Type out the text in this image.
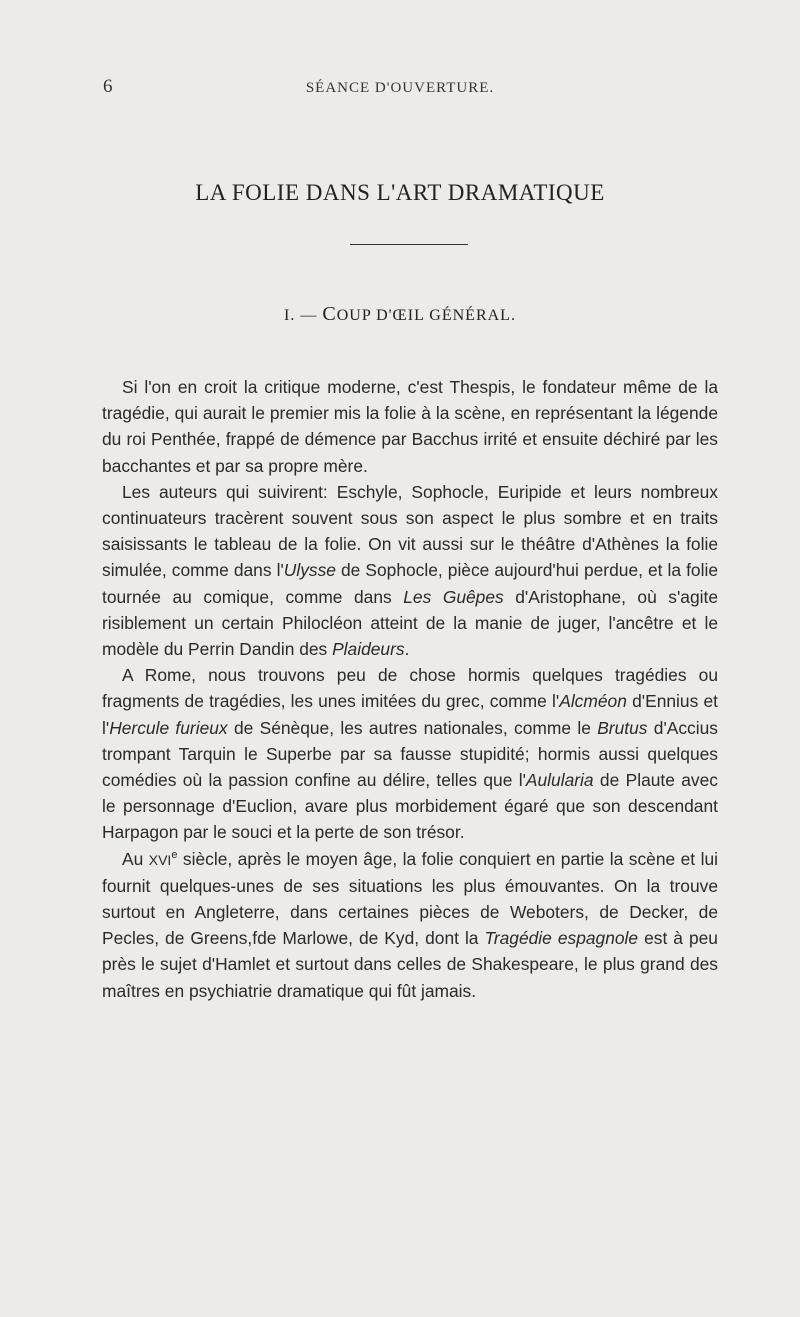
6	SÉANCE D'OUVERTURE.
LA FOLIE DANS L'ART DRAMATIQUE
I. — COUP D'ŒIL GÉNÉRAL.

Si l'on en croit la critique moderne, c'est Thespis, le fondateur même de la tragédie, qui aurait le premier mis la folie à la scène, en représentant la légende du roi Penthée, frappé de démence par Bacchus irrité et ensuite déchiré par les bacchantes et par sa propre mère.

Les auteurs qui suivirent: Eschyle, Sophocle, Euripide et leurs nombreux continuateurs tracèrent souvent sous son aspect le plus sombre et en traits saisissants le tableau de la folie. On vit aussi sur le théâtre d'Athènes la folie simulée, comme dans l'Ulysse de Sophocle, pièce aujourd'hui perdue, et la folie tournée au comique, comme dans Les Guêpes d'Aristophane, où s'agite risiblement un certain Philocléon atteint de la manie de juger, l'ancêtre et le modèle du Perrin Dandin des Plaideurs.

A Rome, nous trouvons peu de chose hormis quelques tragédies ou fragments de tragédies, les unes imitées du grec, comme l'Alcméon d'Ennius et l'Hercule furieux de Sénèque, les autres nationales, comme le Brutus d'Accius trompant Tarquin le Superbe par sa fausse stupidité; hormis aussi quelques comédies où la passion confine au délire, telles que l'Aulularia de Plaute avec le personnage d'Euclion, avare plus morbidement égaré que son descendant Harpagon par le souci et la perte de son trésor.

Au XVIe siècle, après le moyen âge, la folie conquiert en partie la scène et lui fournit quelques-unes de ses situations les plus émouvantes. On la trouve surtout en Angleterre, dans certaines pièces de Weboters, de Decker, de Pecles, de Greens,fde Marlowe, de Kyd, dont la Tragédie espagnole est à peu près le sujet d'Hamlet et surtout dans celles de Shakespeare, le plus grand des maîtres en psychiatrie dramatique qui fût jamais.
